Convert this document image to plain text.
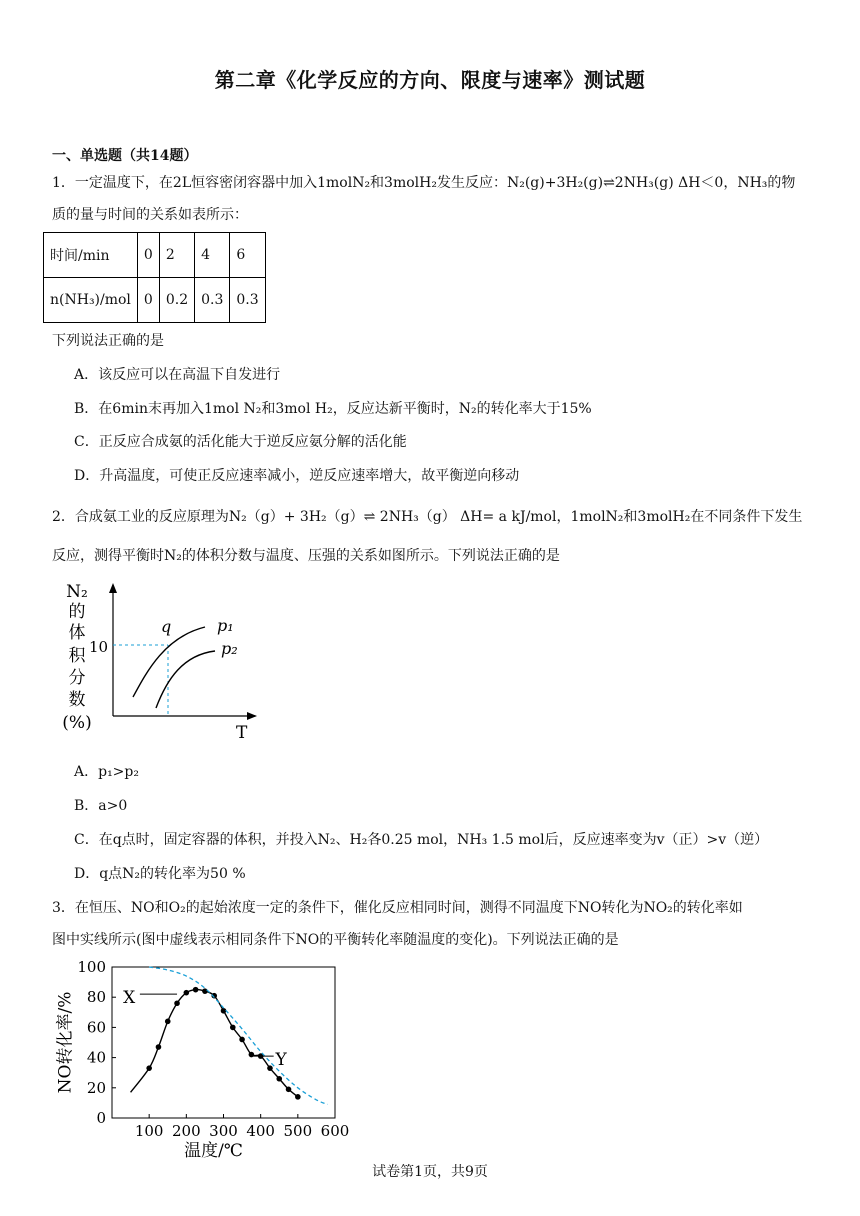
第二章《化学反应的方向、限度与速率》测试题
一、单选题（共14题）
1．一定温度下，在2L恒容密闭容器中加入1molN₂和3molH₂发生反应：N₂(g)+3H₂(g)⇌2NH₃(g) ΔH＜0，NH₃的物
质的量与时间的关系如表所示：
时间/min	0	2	4	6
n(NH₃)/mol	0	0.2	0.3	0.3
下列说法正确的是
A．该反应可以在高温下自发进行
B．在6min末再加入1mol N₂和3mol H₂，反应达新平衡时，N₂的转化率大于15%
C．正反应合成氨的活化能大于逆反应氨分解的活化能
D．升高温度，可使正反应速率减小，逆反应速率增大，故平衡逆向移动
2．合成氨工业的反应原理为N₂（g）+ 3H₂（g）⇌ 2NH₃（g） ΔH= a kJ/mol，1molN₂和3molH₂在不同条件下发生
反应，测得平衡时N₂的体积分数与温度、压强的关系如图所示。下列说法正确的是
N₂
的
体
积
分
数
(%)	T
10
q	p₁
p₂
A．p₁>p₂
B．a>0
C．在q点时，固定容器的体积，并投入N₂、H₂各0.25 mol，NH₃ 1.5 mol后，反应速率变为v（正）>v（逆）
D．q点N₂的转化率为50 %
3．在恒压、NO和O₂的起始浓度一定的条件下，催化反应相同时间，测得不同温度下NO转化为NO₂的转化率如
图中实线所示(图中虚线表示相同条件下NO的平衡转化率随温度的变化)。下列说法正确的是
NO转化率/%
温度/℃
0
20
40
60
80
100
100 200 300 400 500 600
X
Y
试卷第1页，共9页
